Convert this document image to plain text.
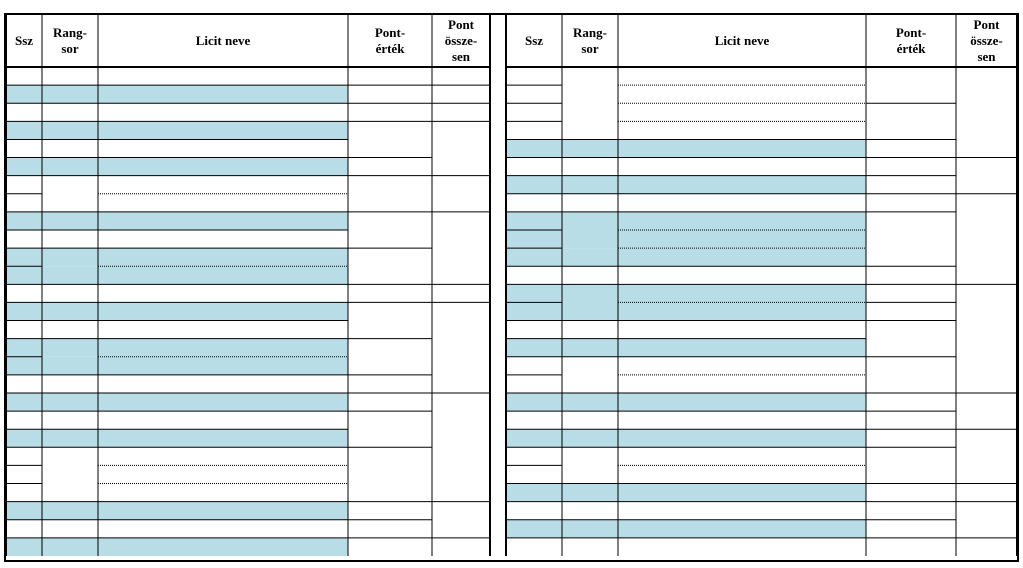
Ssz
Rang-
sor
Licit neve
Pont-
érték
Pont
össze-
sen
Ssz
Rang-
sor
Licit neve
Pont-
érték
Pont
össze-
sen
